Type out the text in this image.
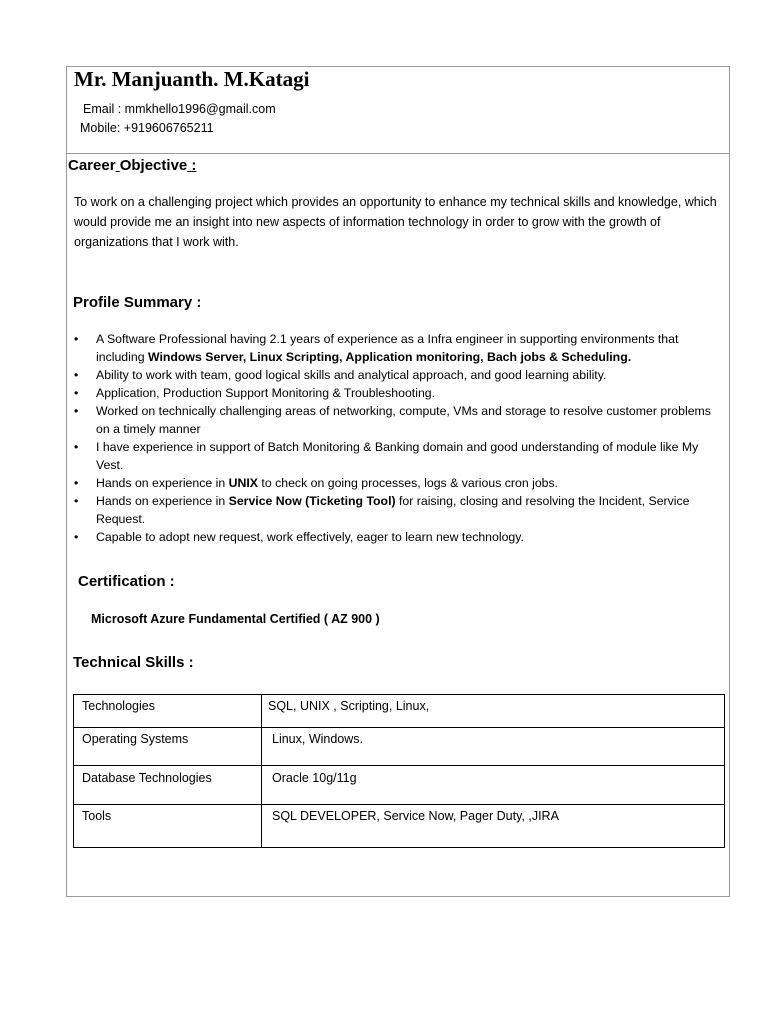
Mr. Manjuanth. M.Katagi
Email : mmkhello1996@gmail.com
Mobile: +919606765211
Career Objective :
To work on a challenging project which provides an opportunity to enhance my technical skills and knowledge, which would provide me an insight into new aspects of information technology in order to grow with the growth of organizations that I work with.
Profile Summary :
• A Software Professional having 2.1 years of experience as a Infra engineer in supporting environments that including Windows Server, Linux Scripting, Application monitoring, Bach jobs & Scheduling.
• Ability to work with team, good logical skills and analytical approach, and good learning ability.
• Application, Production Support Monitoring & Troubleshooting.
• Worked on technically challenging areas of networking, compute, VMs and storage to resolve customer problems on a timely manner
• I have experience in support of Batch Monitoring & Banking domain and good understanding of module like My Vest.
• Hands on experience in UNIX to check on going processes, logs & various cron jobs.
• Hands on experience in Service Now (Ticketing Tool) for raising, closing and resolving the Incident, Service Request.
• Capable to adopt new request, work effectively, eager to learn new technology.
Certification :
Microsoft Azure Fundamental Certified ( AZ 900 )
Technical Skills :
Technologies	SQL, UNIX , Scripting, Linux,
Operating Systems	Linux, Windows.
Database Technologies	Oracle 10g/11g
Tools	SQL DEVELOPER, Service Now, Pager Duty, ,JIRA
